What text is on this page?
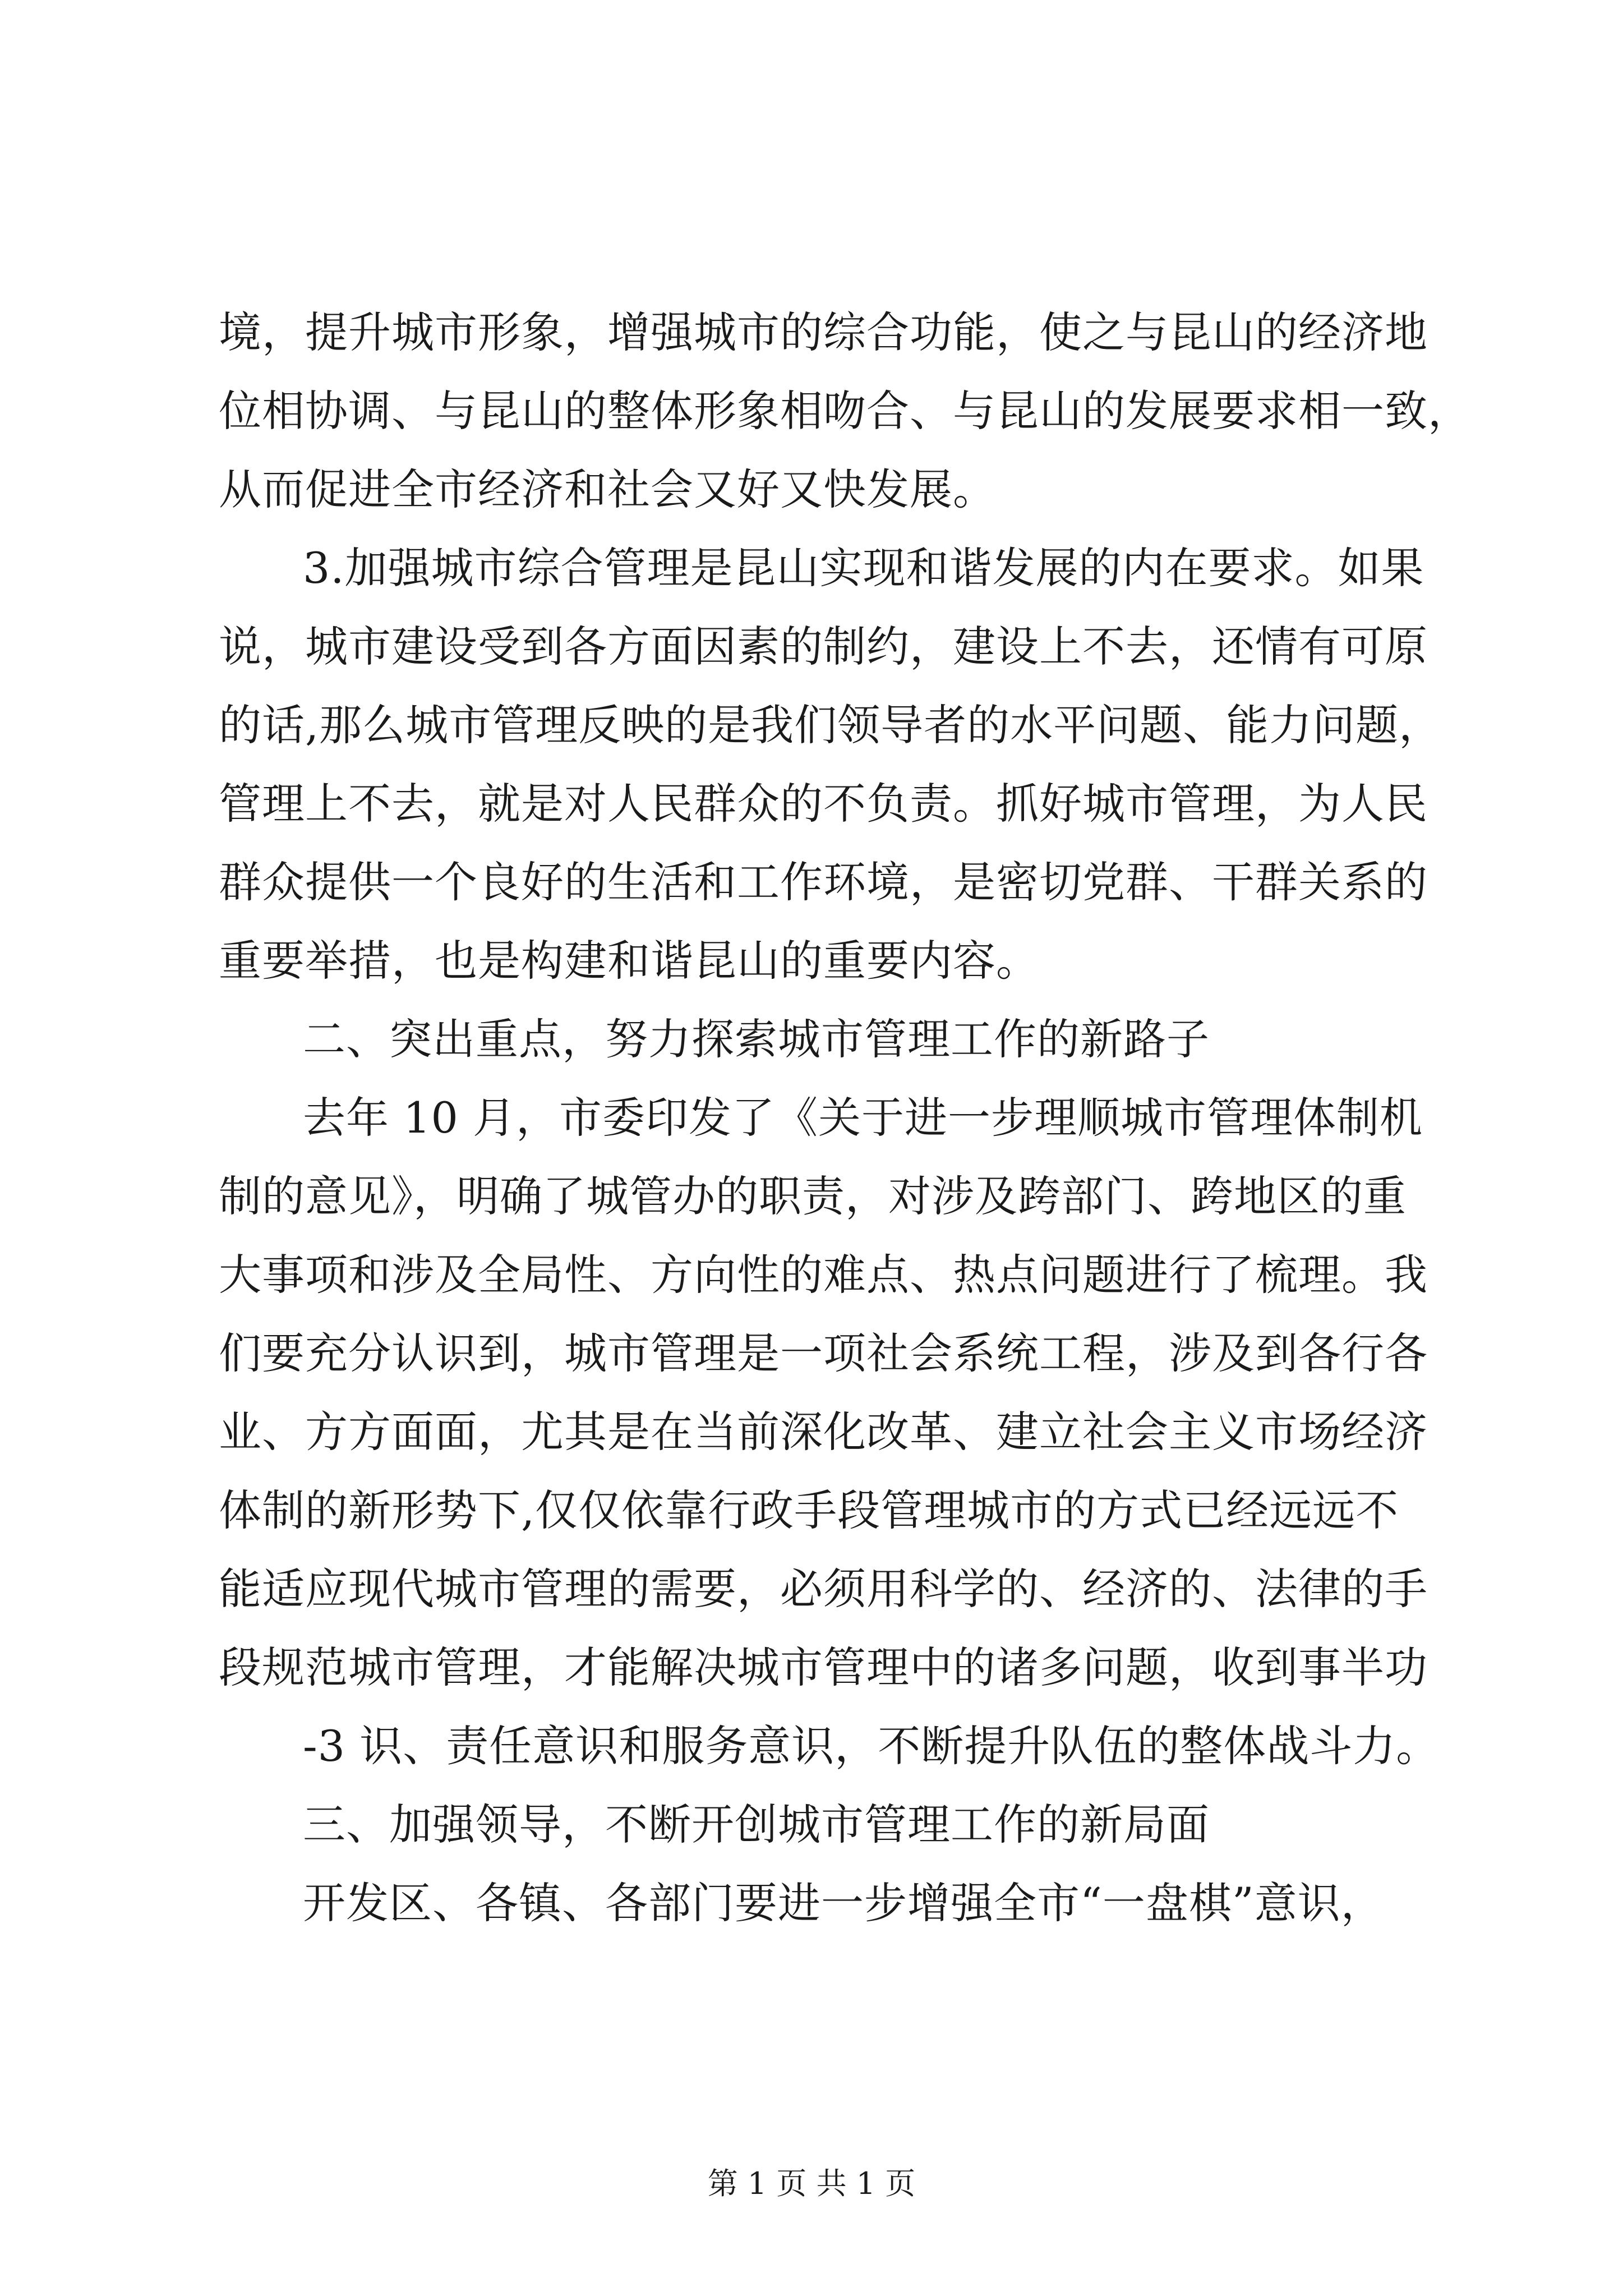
境，提升城市形象，增强城市的综合功能，使之与昆山的经济地
位相协调、与昆山的整体形象相吻合、与昆山的发展要求相一致，
从而促进全市经济和社会又好又快发展。
3.加强城市综合管理是昆山实现和谐发展的内在要求。如果
说，城市建设受到各方面因素的制约，建设上不去，还情有可原
的话,那么城市管理反映的是我们领导者的水平问题、能力问题，
管理上不去，就是对人民群众的不负责。抓好城市管理，为人民
群众提供一个良好的生活和工作环境，是密切党群、干群关系的
重要举措，也是构建和谐昆山的重要内容。
二、突出重点，努力探索城市管理工作的新路子
去年 10 月，市委印发了《关于进一步理顺城市管理体制机
制的意见》，明确了城管办的职责，对涉及跨部门、跨地区的重
大事项和涉及全局性、方向性的难点、热点问题进行了梳理。我
们要充分认识到，城市管理是一项社会系统工程，涉及到各行各
业、方方面面，尤其是在当前深化改革、建立社会主义市场经济
体制的新形势下,仅仅依靠行政手段管理城市的方式已经远远不
能适应现代城市管理的需要，必须用科学的、经济的、法律的手
段规范城市管理，才能解决城市管理中的诸多问题，收到事半功
-3 识、责任意识和服务意识，不断提升队伍的整体战斗力。
三、加强领导，不断开创城市管理工作的新局面
开发区、各镇、各部门要进一步增强全市“一盘棋”意识，
第 1 页 共 1 页
